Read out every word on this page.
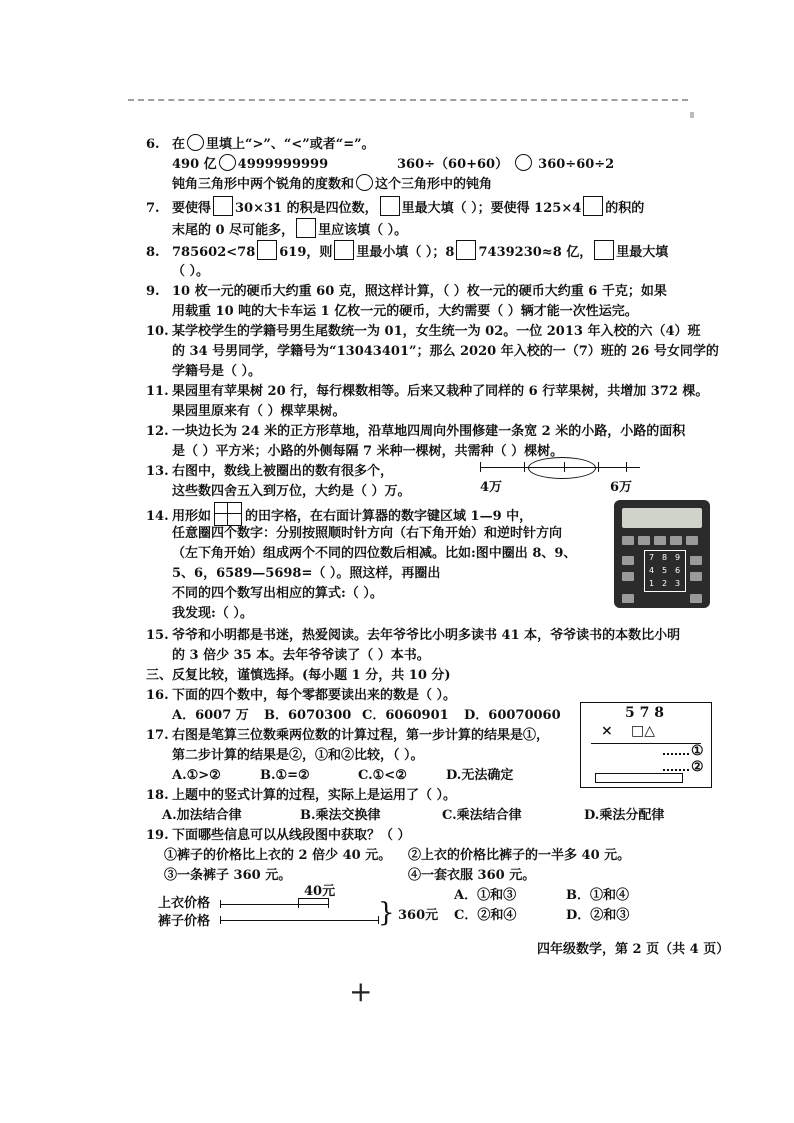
6. 在 里填上“>”、“<”或者“=”。
490 亿 4999999999	360÷（60+60） 360÷60÷2
钝角三角形中两个锐角的度数和 这个三角形中的钝角
7. 要使得 30×31 的积是四位数， 里最大填（ ）；要使得 125×4 的积的
末尾的 0 尽可能多， 里应该填（ ）。
8. 785602<78 619，则 里最小填（ ）；8 7439230≈8 亿， 里最大填
（ ）。
9. 10 枚一元的硬币大约重 60 克，照这样计算，（ ）枚一元的硬币大约重 6 千克；如果
用载重 10 吨的大卡车运 1 亿枚一元的硬币，大约需要（ ）辆才能一次性运完。
10. 某学校学生的学籍号男生尾数统一为 01，女生统一为 02。一位 2013 年入校的六（4）班
的 34 号男同学，学籍号为“13043401”；那么 2020 年入校的一（7）班的 26 号女同学的
学籍号是（ ）。
11. 果园里有苹果树 20 行，每行棵数相等。后来又栽种了同样的 6 行苹果树，共增加 372 棵。
果园里原来有（ ）棵苹果树。
12. 一块边长为 24 米的正方形草地，沿草地四周向外围修建一条宽 2 米的小路，小路的面积
是（ ）平方米；小路的外侧每隔 7 米种一棵树，共需种（ ）棵树。
13. 右图中，数线上被圈出的数有很多个，
这些数四舍五入到万位，大约是（ ）万。	4万	6万
14. 用形如	的田字格，在右面计算器的数字键区域 1—9 中，
任意圈四个数字：分别按照顺时针方向（右下角开始）和逆时针方向
（左下角开始）组成两个不同的四位数后相减。比如:图中圈出 8、9、
5、6，6589—5698=（ ）。照这样，再圈出
不同的四个数写出相应的算式:（ ）。
我发现:（ ）。
7 8 9
4 5 6
1 2 3
15. 爷爷和小明都是书迷，热爱阅读。去年爷爷比小明多读书 41 本，爷爷读书的本数比小明
的 3 倍少 35 本。去年爷爷读了（ ）本书。
三、反复比较，谨慎选择。(每小题 1 分，共 10 分)
16. 下面的四个数中，每个零都要读出来的数是（ ）。
A．6007 万 B．6070300 C．6060901 D．60070060
17. 右图是笔算三位数乘两位数的计算过程，第一步计算的结果是①，
第二步计算的结果是②，①和②比较，（ ）。
A.①>②	B.①=②	C.①<②	D.无法确定
5 7 8
× □△
①
②
18. 上题中的竖式计算的过程，实际上是运用了（ ）。
A.加法结合律	B.乘法交换律	C.乘法结合律	D.乘法分配律
19. 下面哪些信息可以从线段图中获取？（ ）
①裤子的价格比上衣的 2 倍少 40 元。 ②上衣的价格比裤子的一半多 40 元。
③一条裤子 360 元。	④一套衣服 360 元。
A．①和③	B．①和④
C．②和④	D．②和③
上衣价格
裤子价格
40元
} 360元
四年级数学，第 2 页（共 4 页）
+
